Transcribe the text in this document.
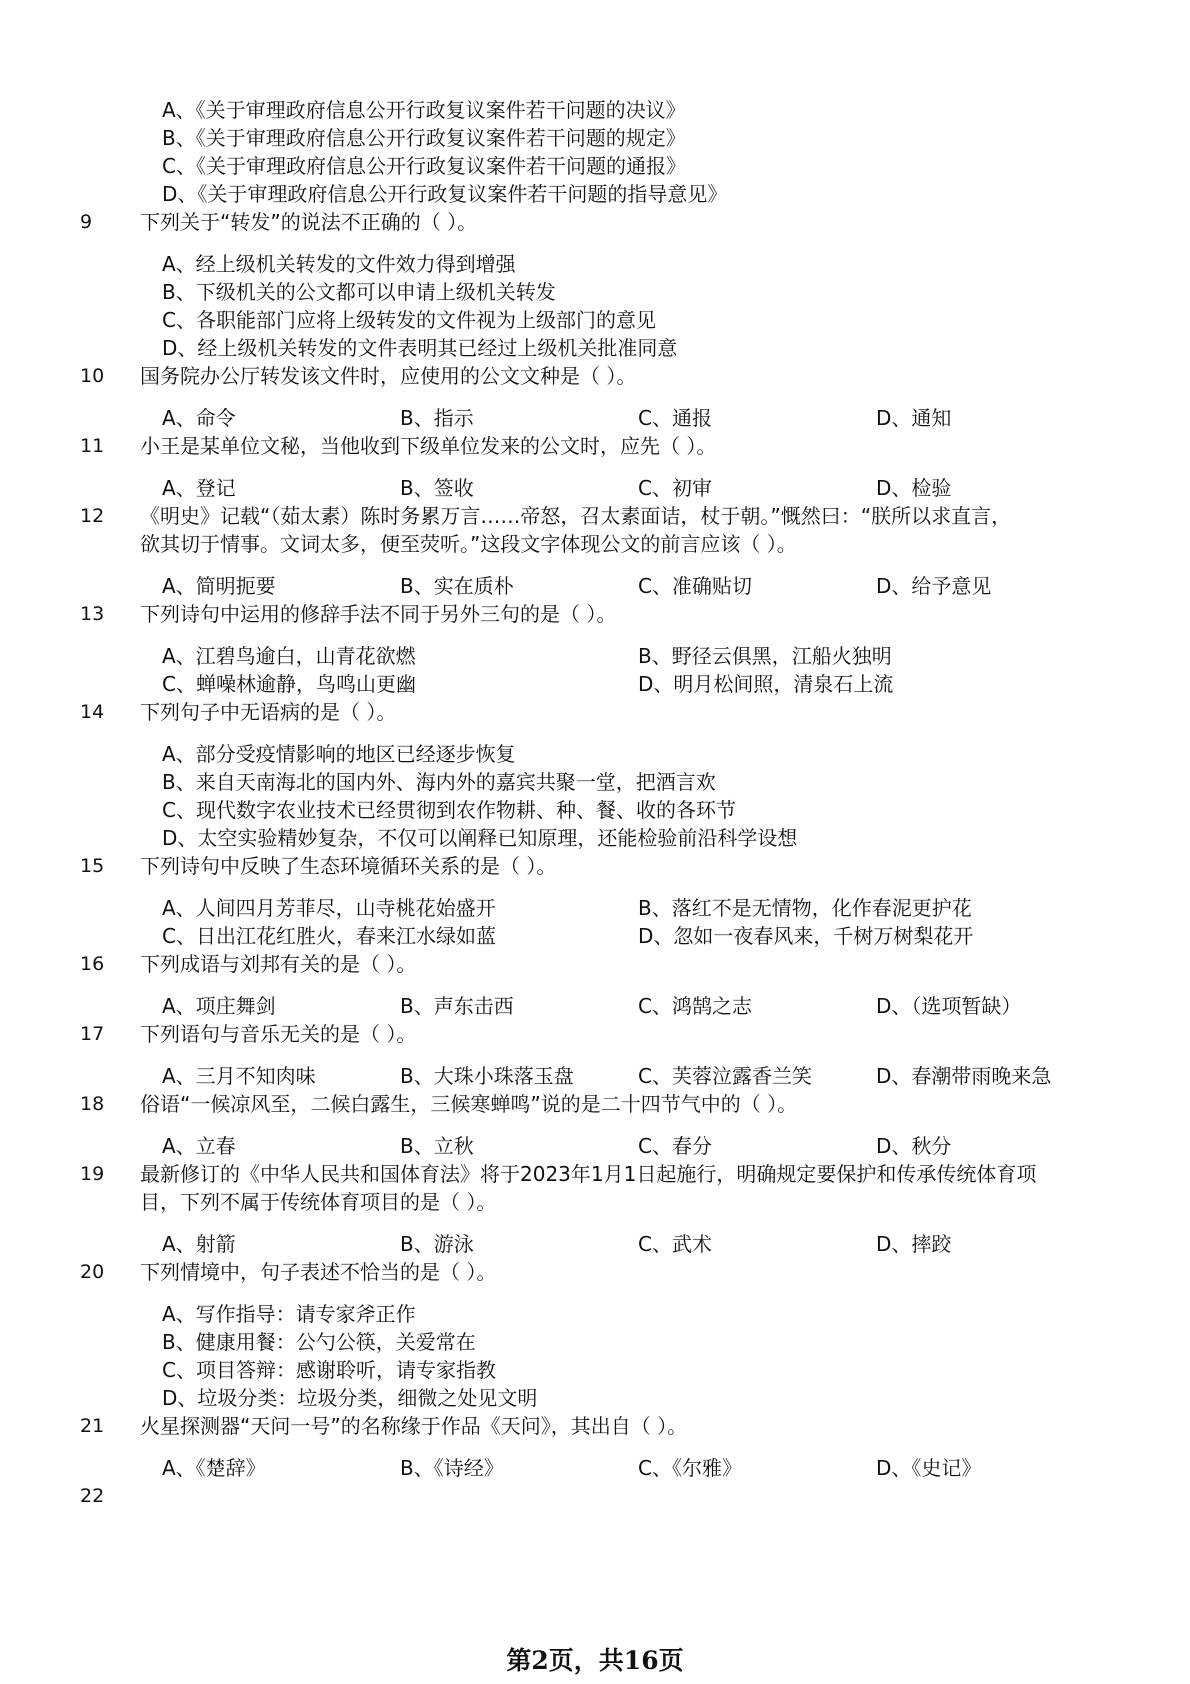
A、《关于审理政府信息公开行政复议案件若干问题的决议》
B、《关于审理政府信息公开行政复议案件若干问题的规定》
C、《关于审理政府信息公开行政复议案件若干问题的通报》
D、《关于审理政府信息公开行政复议案件若干问题的指导意见》
9 下列关于“转发”的说法不正确的（ ）。
A、经上级机关转发的文件效力得到增强
B、下级机关的公文都可以申请上级机关转发
C、各职能部门应将上级转发的文件视为上级部门的意见
D、经上级机关转发的文件表明其已经过上级机关批准同意
10 国务院办公厅转发该文件时，应使用的公文文种是（ ）。
A、命令	B、指示	C、通报	D、通知
11 小王是某单位文秘，当他收到下级单位发来的公文时，应先（ ）。
A、登记	B、签收	C、初审	D、检验
12 《明史》记载“（茹太素）陈时务累万言……帝怒，召太素面诘，杖于朝。”慨然曰：“朕所以求直言，
欲其切于情事。文词太多，便至荧听。”这段文字体现公文的前言应该（ ）。
A、简明扼要	B、实在质朴	C、准确贴切	D、给予意见
13 下列诗句中运用的修辞手法不同于另外三句的是（ ）。
A、江碧鸟逾白，山青花欲燃	B、野径云俱黑，江船火独明
C、蝉噪林逾静，鸟鸣山更幽	D、明月松间照，清泉石上流
14 下列句子中无语病的是（ ）。
A、部分受疫情影响的地区已经逐步恢复
B、来自天南海北的国内外、海内外的嘉宾共聚一堂，把酒言欢
C、现代数字农业技术已经贯彻到农作物耕、种、餐、收的各环节
D、太空实验精妙复杂，不仅可以阐释已知原理，还能检验前沿科学设想
15 下列诗句中反映了生态环境循环关系的是（ ）。
A、人间四月芳菲尽，山寺桃花始盛开	B、落红不是无情物，化作春泥更护花
C、日出江花红胜火，春来江水绿如蓝	D、忽如一夜春风来，千树万树梨花开
16 下列成语与刘邦有关的是（ ）。
A、项庄舞剑	B、声东击西	C、鸿鹄之志	D、（选项暂缺）
17 下列语句与音乐无关的是（ ）。
A、三月不知肉味	B、大珠小珠落玉盘	C、芙蓉泣露香兰笑	D、春潮带雨晚来急
18 俗语“一候凉风至，二候白露生，三候寒蝉鸣”说的是二十四节气中的（ ）。
A、立春	B、立秋	C、春分	D、秋分
19 最新修订的《中华人民共和国体育法》将于2023年1月1日起施行，明确规定要保护和传承传统体育项
目，下列不属于传统体育项目的是（ ）。
A、射箭	B、游泳	C、武术	D、摔跤
20 下列情境中，句子表述不恰当的是（ ）。
A、写作指导：请专家斧正作
B、健康用餐：公勺公筷，关爱常在
C、项目答辩：感谢聆听，请专家指教
D、垃圾分类：垃圾分类，细微之处见文明
21 火星探测器“天问一号”的名称缘于作品《天问》，其出自（ ）。
A、《楚辞》	B、《诗经》	C、《尔雅》	D、《史记》
22
第2页，共16页
